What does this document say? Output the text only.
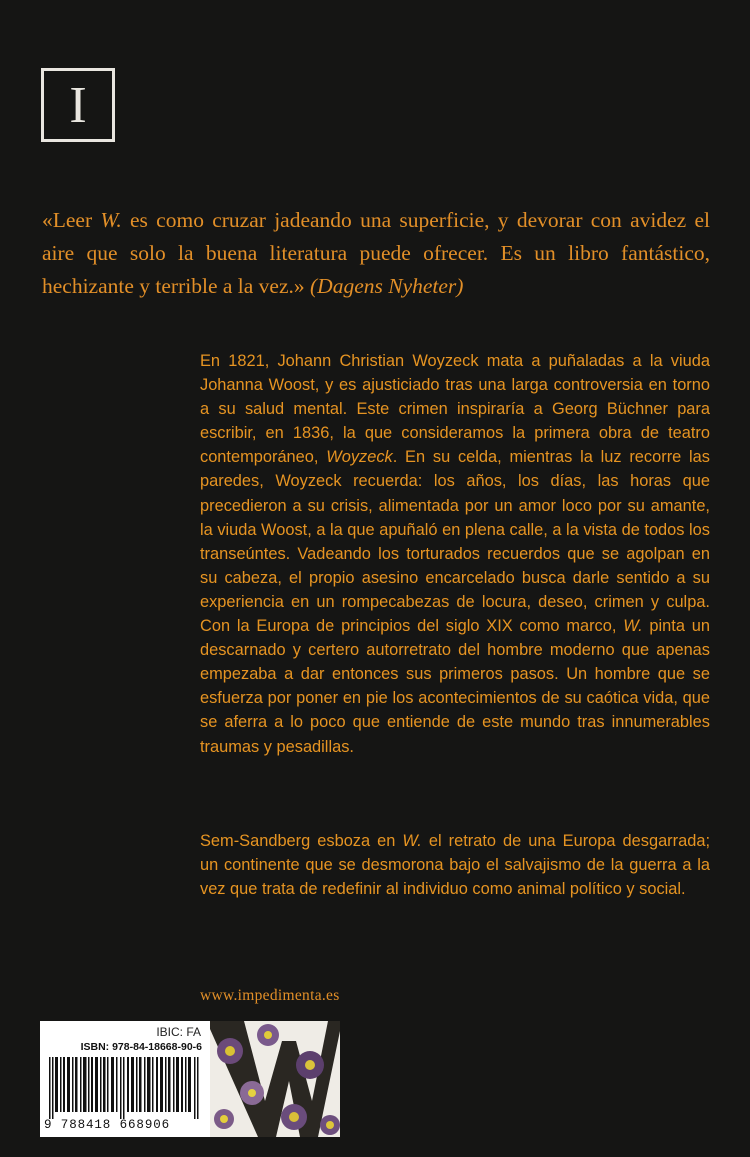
I

«Leer W. es como cruzar jadeando una superficie, y devorar con avidez el aire que solo la buena literatura puede ofrecer. Es un libro fantástico, hechizante y terrible a la vez.» (Dagens Nyheter)

En 1821, Johann Christian Woyzeck mata a puñaladas a la viuda Johanna Woost, y es ajusticiado tras una larga controversia en torno a su salud mental. Este crimen inspiraría a Georg Büchner para escribir, en 1836, la que consideramos la primera obra de teatro contemporáneo, Woyzeck. En su celda, mientras la luz recorre las paredes, Woyzeck recuerda: los años, los días, las horas que precedieron a su crisis, alimentada por un amor loco por su amante, la viuda Woost, a la que apuñaló en plena calle, a la vista de todos los transeúntes. Vadeando los torturados recuerdos que se agolpan en su cabeza, el propio asesino encarcelado busca darle sentido a su experiencia en un rompecabezas de locura, deseo, crimen y culpa. Con la Europa de principios del siglo XIX como marco, W. pinta un descarnado y certero autorretrato del hombre moderno que apenas empezaba a dar entonces sus primeros pasos. Un hombre que se esfuerza por poner en pie los acontecimientos de su caótica vida, que se aferra a lo poco que entiende de este mundo tras innumerables traumas y pesadillas.

Sem-Sandberg esboza en W. el retrato de una Europa desgarrada; un continente que se desmorona bajo el salvajismo de la guerra a la vez que trata de redefinir al individuo como animal político y social.

www.impedimenta.es
IBIC: FA
ISBN: 978-84-18668-90-6
9 788418 668906
